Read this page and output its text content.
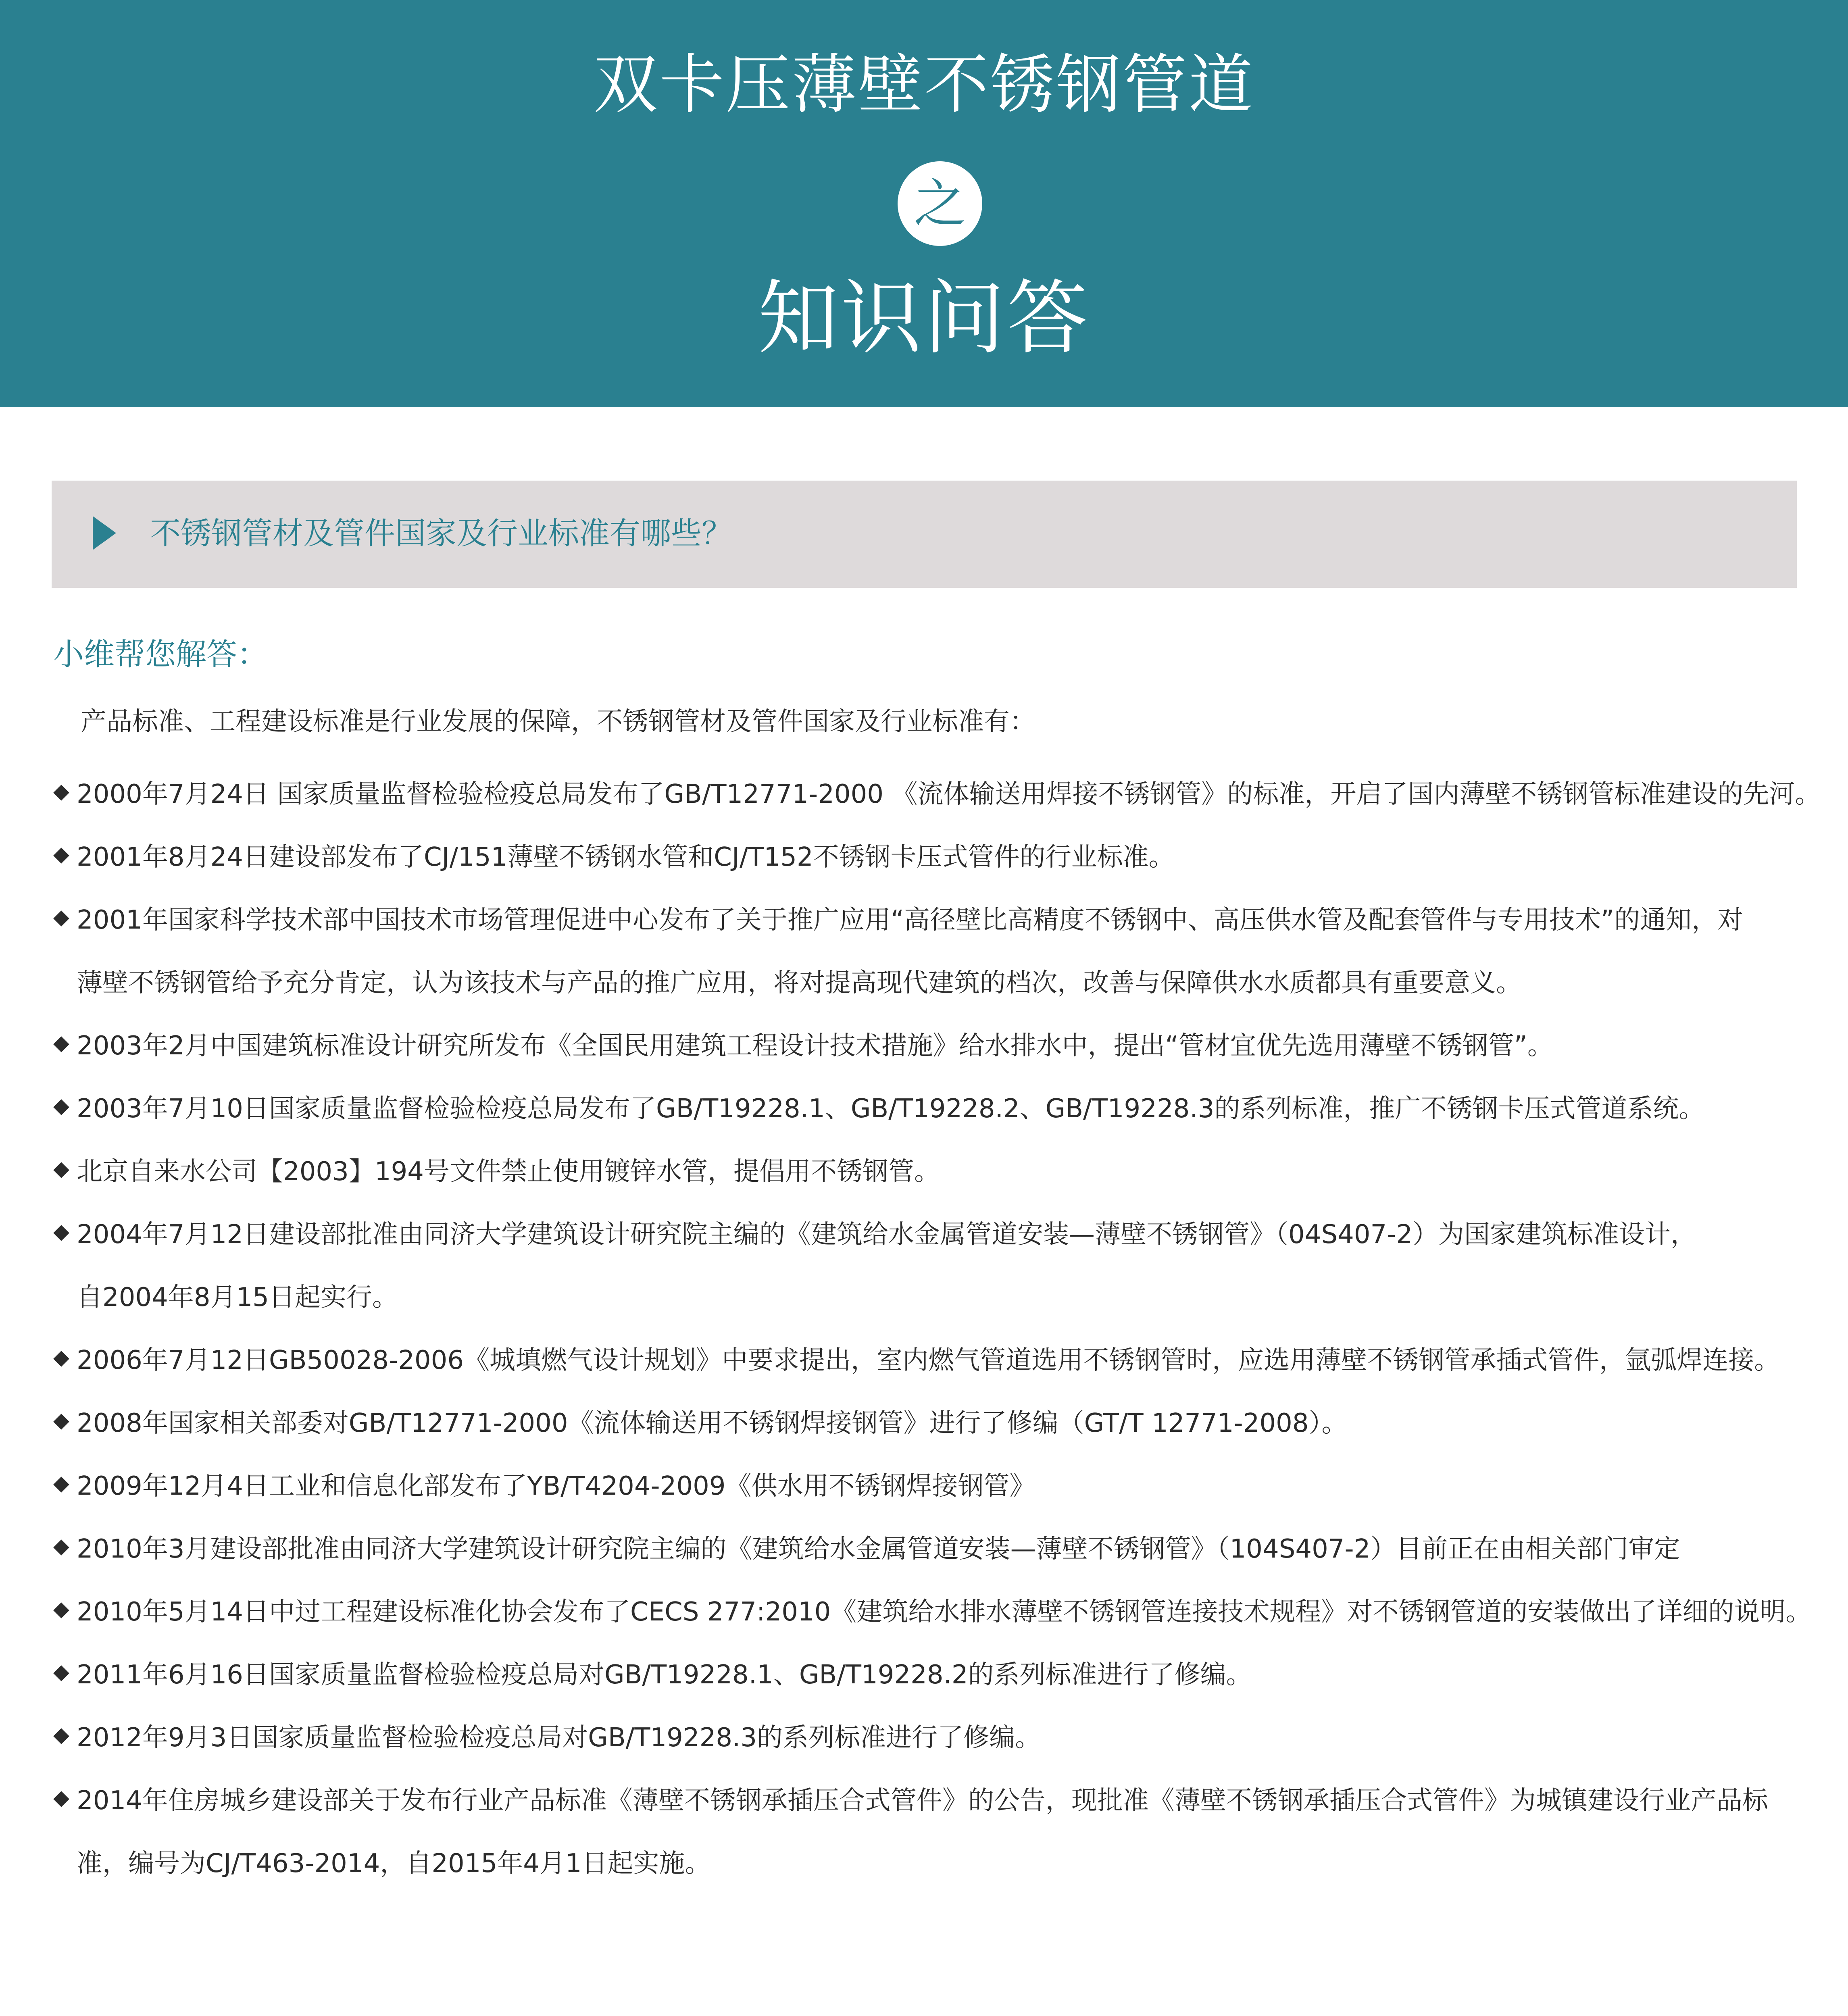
双卡压薄壁不锈钢管道
之
知识问答
不锈钢管材及管件国家及行业标准有哪些？
小维帮您解答：
产品标准、工程建设标准是行业发展的保障，不锈钢管材及管件国家及行业标准有：
2000年7月24日 国家质量监督检验检疫总局发布了GB/T12771-2000 《流体输送用焊接不锈钢管》的标准，开启了国内薄壁不锈钢管标准建设的先河。
2001年8月24日建设部发布了CJ/151薄壁不锈钢水管和CJ/T152不锈钢卡压式管件的行业标准。
2001年国家科学技术部中国技术市场管理促进中心发布了关于推广应用“高径壁比高精度不锈钢中、高压供水管及配套管件与专用技术”的通知，对
薄壁不锈钢管给予充分肯定，认为该技术与产品的推广应用，将对提高现代建筑的档次，改善与保障供水水质都具有重要意义。
2003年2月中国建筑标准设计研究所发布《全国民用建筑工程设计技术措施》给水排水中，提出“管材宜优先选用薄壁不锈钢管”。
2003年7月10日国家质量监督检验检疫总局发布了GB/T19228.1、GB/T19228.2、GB/T19228.3的系列标准，推广不锈钢卡压式管道系统。
北京自来水公司【2003】194号文件禁止使用镀锌水管，提倡用不锈钢管。
2004年7月12日建设部批准由同济大学建筑设计研究院主编的《建筑给水金属管道安装—薄壁不锈钢管》（04S407-2）为国家建筑标准设计，
自2004年8月15日起实行。
2006年7月12日GB50028-2006《城填燃气设计规划》中要求提出，室内燃气管道选用不锈钢管时，应选用薄壁不锈钢管承插式管件，氩弧焊连接。
2008年国家相关部委对GB/T12771-2000《流体输送用不锈钢焊接钢管》进行了修编（GT/T 12771-2008）。
2009年12月4日工业和信息化部发布了YB/T4204-2009《供水用不锈钢焊接钢管》
2010年3月建设部批准由同济大学建筑设计研究院主编的《建筑给水金属管道安装—薄壁不锈钢管》（104S407-2）目前正在由相关部门审定
2010年5月14日中过工程建设标准化协会发布了CECS 277:2010《建筑给水排水薄壁不锈钢管连接技术规程》对不锈钢管道的安装做出了详细的说明。
2011年6月16日国家质量监督检验检疫总局对GB/T19228.1、GB/T19228.2的系列标准进行了修编。
2012年9月3日国家质量监督检验检疫总局对GB/T19228.3的系列标准进行了修编。
2014年住房城乡建设部关于发布行业产品标准《薄壁不锈钢承插压合式管件》的公告，现批准《薄壁不锈钢承插压合式管件》为城镇建设行业产品标
准，编号为CJ/T463-2014，自2015年4月1日起实施。
